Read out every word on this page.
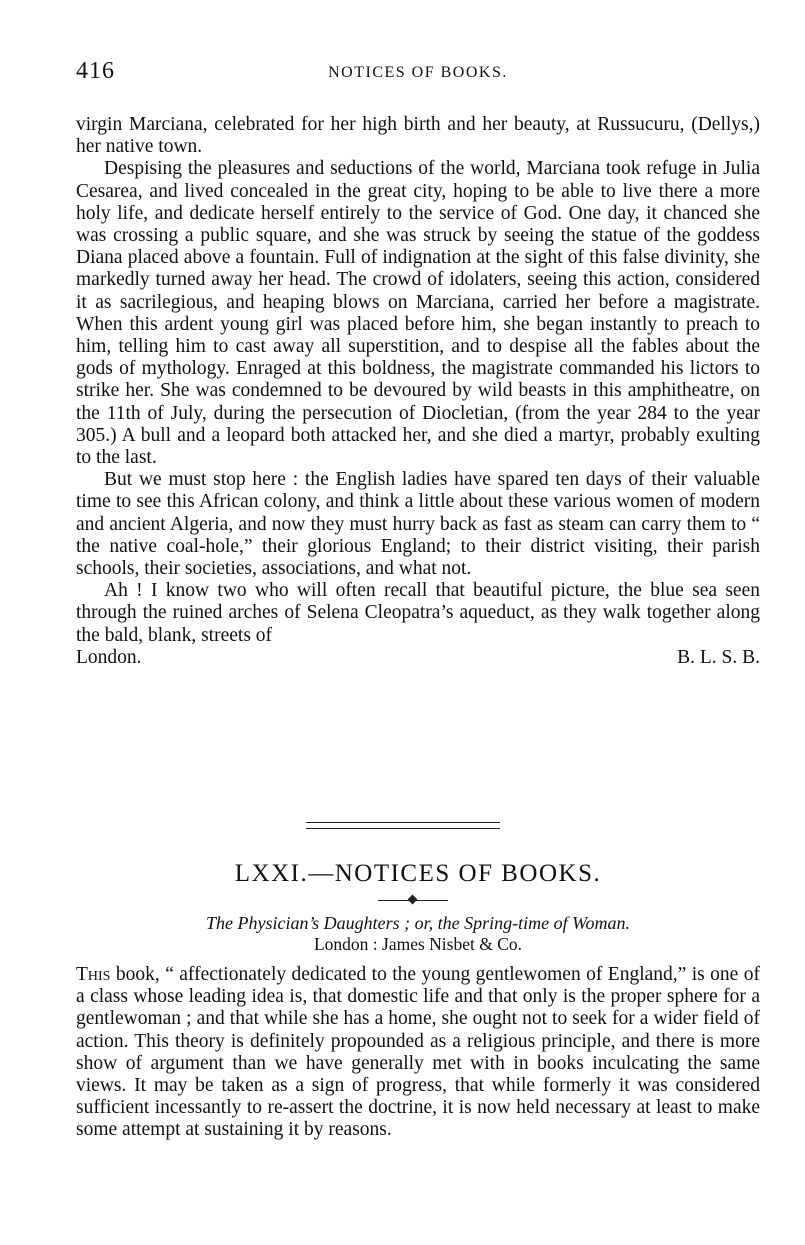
416	NOTICES OF BOOKS.

virgin Marciana, celebrated for her high birth and her beauty, at Russucuru, (Dellys,) her native town.

Despising the pleasures and seductions of the world, Marciana took refuge in Julia Cesarea, and lived concealed in the great city, hoping to be able to live there a more holy life, and dedicate herself entirely to the service of God. One day, it chanced she was crossing a public square, and she was struck by seeing the statue of the goddess Diana placed above a fountain. Full of indignation at the sight of this false divinity, she markedly turned away her head. The crowd of idolaters, seeing this action, considered it as sacrilegious, and heaping blows on Marciana, carried her before a magistrate. When this ardent young girl was placed before him, she began instantly to preach to him, telling him to cast away all superstition, and to despise all the fables about the gods of mythology. Enraged at this boldness, the magistrate commanded his lictors to strike her. She was condemned to be devoured by wild beasts in this amphitheatre, on the 11th of July, during the persecution of Diocletian, (from the year 284 to the year 305.) A bull and a leopard both attacked her, and she died a martyr, probably exulting to the last.

But we must stop here : the English ladies have spared ten days of their valuable time to see this African colony, and think a little about these various women of modern and ancient Algeria, and now they must hurry back as fast as steam can carry them to “ the native coal-hole,” their glorious England; to their district visiting, their parish schools, their societies, associations, and what not.

Ah ! I know two who will often recall that beautiful picture, the blue sea seen through the ruined arches of Selena Cleopatra’s aqueduct, as they walk together along the bald, blank, streets of

London.	B. L. S. B.

LXXI.—NOTICES OF BOOKS.
The Physician’s Daughters ; or, the Spring-time of Woman.
London : James Nisbet & Co.

This book, “ affectionately dedicated to the young gentlewomen of England,” is one of a class whose leading idea is, that domestic life and that only is the proper sphere for a gentlewoman ; and that while she has a home, she ought not to seek for a wider field of action. This theory is definitely propounded as a religious principle, and there is more show of argument than we have generally met with in books inculcating the same views. It may be taken as a sign of progress, that while formerly it was considered sufficient incessantly to re-assert the doctrine, it is now held necessary at least to make some attempt at sustaining it by reasons.
